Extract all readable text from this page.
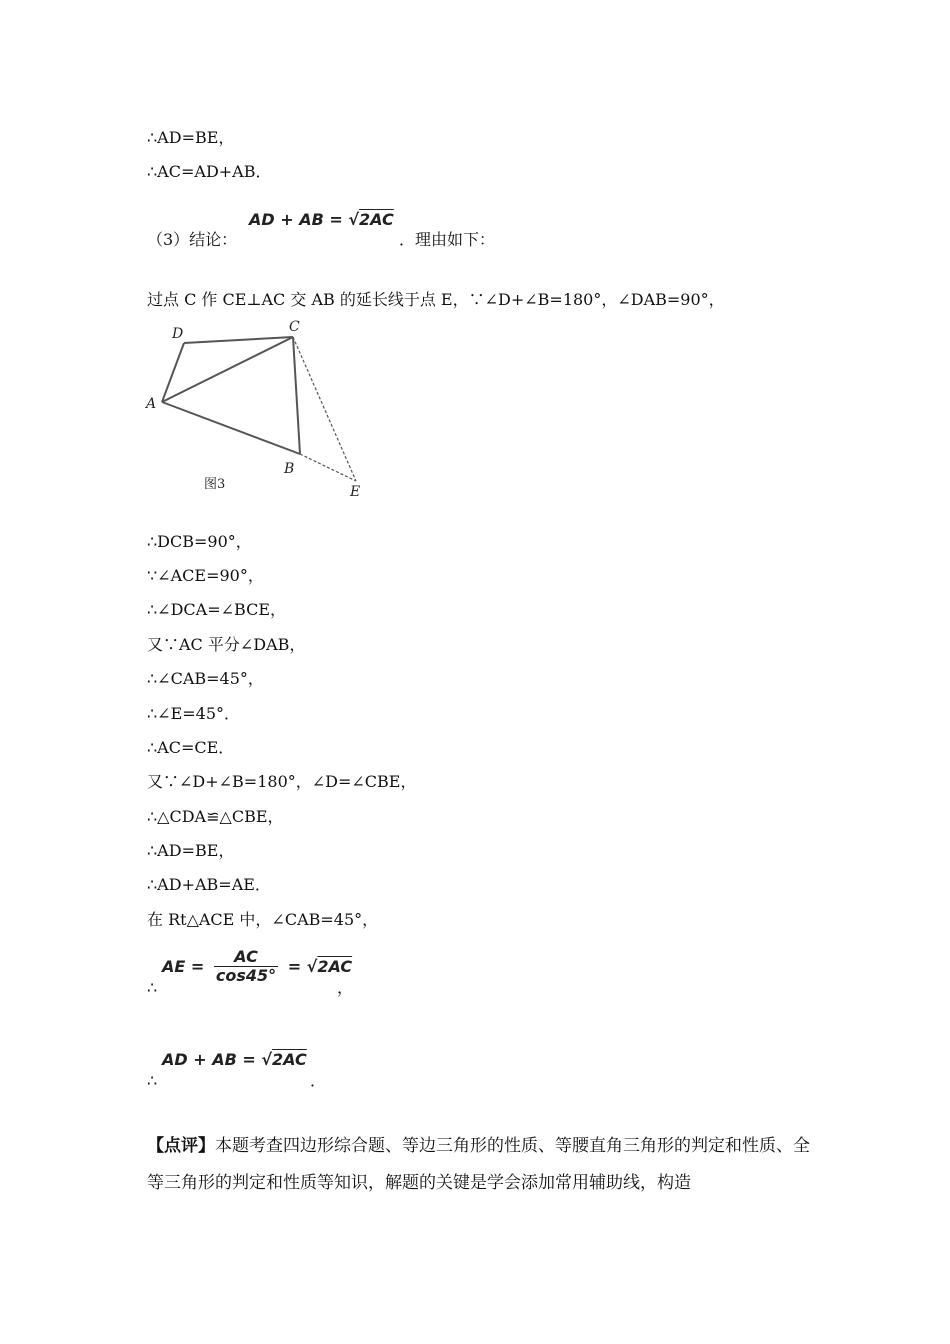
∴AD=BE，
∴AC=AD+AB．
AD + AB = √2AC
（3）结论：	．理由如下：
过点 C 作 CE⊥AC 交 AB 的延长线于点 E，∵∠D+∠B=180°，∠DAB=90°，
D	C
A
B
E
图3
∴DCB=90°，
∵∠ACE=90°，
∴∠DCA=∠BCE，
又∵AC 平分∠DAB，
∴∠CAB=45°，
∴∠E=45°．
∴AC=CE．
又∵∠D+∠B=180°，∠D=∠CBE，
∴△CDA≌△CBE，
∴AD=BE，
∴AD+AB=AE．
在 Rt△ACE 中，∠CAB=45°，
AE = $\frac{AC}{\cos 45^\circ} = √2AC$
∴	，
AD + AB = √2AC
∴	．
【点评】本题考查四边形综合题、等边三角形的性质、等腰直角三角形的判定和性质、全等三角形的判定和性质等知识，解题的关键是学会添加常用辅助线，构造
